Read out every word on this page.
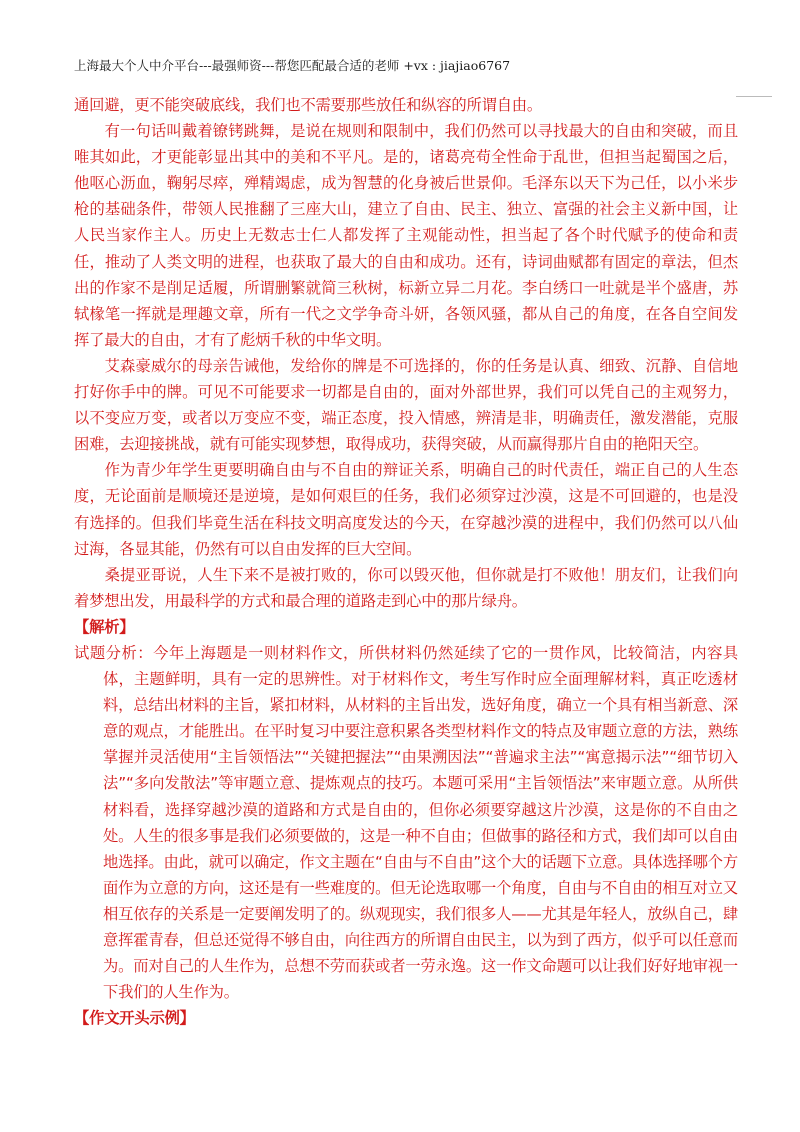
上海最大个人中介平台---最强师资---帮您匹配最合适的老师 +vx : jiajiao6767

通回避，更不能突破底线，我们也不需要那些放任和纵容的所谓自由。

有一句话叫戴着镣铐跳舞，是说在规则和限制中，我们仍然可以寻找最大的自由和突破，而且唯其如此，才更能彰显出其中的美和不平凡。是的，诸葛亮苟全性命于乱世，但担当起蜀国之后，他呕心沥血，鞠躬尽瘁，殚精竭虑，成为智慧的化身被后世景仰。毛泽东以天下为己任，以小米步枪的基础条件，带领人民推翻了三座大山，建立了自由、民主、独立、富强的社会主义新中国，让人民当家作主人。历史上无数志士仁人都发挥了主观能动性，担当起了各个时代赋予的使命和责任，推动了人类文明的进程，也获取了最大的自由和成功。还有，诗词曲赋都有固定的章法，但杰出的作家不是削足适履，所谓删繁就简三秋树，标新立异二月花。李白绣口一吐就是半个盛唐，苏轼椽笔一挥就是理趣文章，所有一代之文学争奇斗妍，各领风骚，都从自己的角度，在各自空间发挥了最大的自由，才有了彪炳千秋的中华文明。

艾森豪威尔的母亲告诫他，发给你的牌是不可选择的，你的任务是认真、细致、沉静、自信地打好你手中的牌。可见不可能要求一切都是自由的，面对外部世界，我们可以凭自己的主观努力，以不变应万变，或者以万变应不变，端正态度，投入情感，辨清是非，明确责任，激发潜能，克服困难，去迎接挑战，就有可能实现梦想，取得成功，获得突破，从而赢得那片自由的艳阳天空。

作为青少年学生更要明确自由与不自由的辩证关系，明确自己的时代责任，端正自己的人生态度，无论面前是顺境还是逆境，是如何艰巨的任务，我们必须穿过沙漠，这是不可回避的，也是没有选择的。但我们毕竟生活在科技文明高度发达的今天，在穿越沙漠的进程中，我们仍然可以八仙过海，各显其能，仍然有可以自由发挥的巨大空间。

桑提亚哥说，人生下来不是被打败的，你可以毁灭他，但你就是打不败他！朋友们，让我们向着梦想出发，用最科学的方式和最合理的道路走到心中的那片绿舟。

【解析】

试题分析：今年上海题是一则材料作文，所供材料仍然延续了它的一贯作风，比较简洁，内容具体，主题鲜明，具有一定的思辨性。对于材料作文，考生写作时应全面理解材料，真正吃透材料，总结出材料的主旨，紧扣材料，从材料的主旨出发，选好角度，确立一个具有相当新意、深意的观点，才能胜出。在平时复习中要注意积累各类型材料作文的特点及审题立意的方法，熟练掌握并灵活使用“主旨领悟法”“关键把握法”“由果溯因法”“普遍求主法”“寓意揭示法”“细节切入法”“多向发散法”等审题立意、提炼观点的技巧。本题可采用“主旨领悟法”来审题立意。从所供材料看，选择穿越沙漠的道路和方式是自由的，但你必须要穿越这片沙漠，这是你的不自由之处。人生的很多事是我们必须要做的，这是一种不自由；但做事的路径和方式，我们却可以自由地选择。由此，就可以确定，作文主题在“自由与不自由”这个大的话题下立意。具体选择哪个方面作为立意的方向，这还是有一些难度的。但无论选取哪一个角度，自由与不自由的相互对立又相互依存的关系是一定要阐发明了的。纵观现实，我们很多人——尤其是年轻人，放纵自己，肆意挥霍青春，但总还觉得不够自由，向往西方的所谓自由民主，以为到了西方，似乎可以任意而为。而对自己的人生作为，总想不劳而获或者一劳永逸。这一作文命题可以让我们好好地审视一下我们的人生作为。

【作文开头示例】
